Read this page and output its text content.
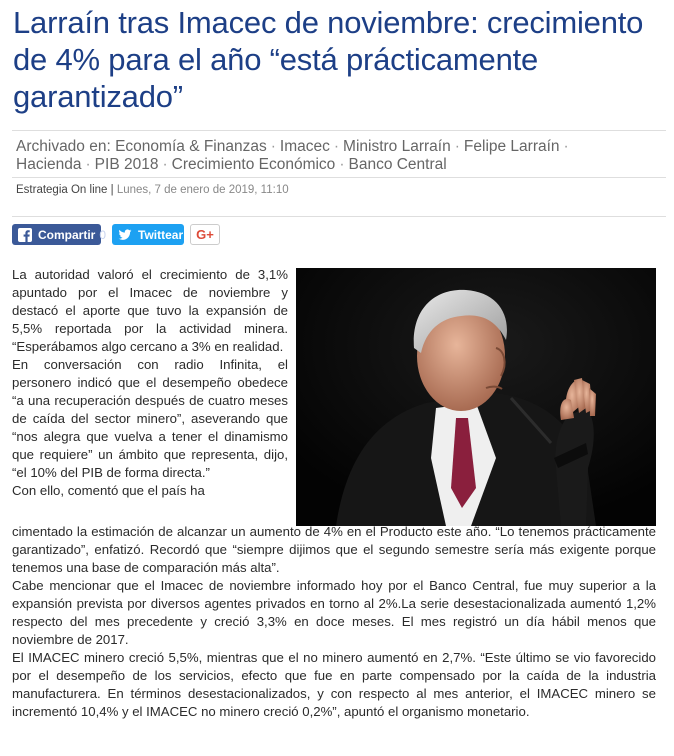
Larraín tras Imacec de noviembre: crecimiento de 4% para el año “está prácticamente garantizado”
Archivado en: Economía & Finanzas · Imacec · Ministro Larraín · Felipe Larraín ·
Hacienda · PIB 2018 · Crecimiento Económico · Banco Central
Estrategia On line | Lunes, 7 de enero de 2019, 11:10
Compartir 0	Twittear G+

La autoridad valoró el crecimiento de 3,1% apuntado por el Imacec de noviembre y destacó el aporte que tuvo la expansión de 5,5% reportada por la actividad minera. “Esperábamos algo cercano a 3% en realidad.

En conversación con radio Infinita, el personero indicó que el desempeño obedece “a una recuperación después de cuatro meses de caída del sector minero”, aseverando que “nos alegra que vuelva a tener el dinamismo que requiere” un ámbito que representa, dijo, “el 10% del PIB de forma directa.”

Con ello, comentó que el país ha

cimentado la estimación de alcanzar un aumento de 4% en el Producto este año. “Lo tenemos prácticamente garantizado”, enfatizó. Recordó que “siempre dijimos que el segundo semestre sería más exigente porque tenemos una base de comparación más alta”.

Cabe mencionar que el Imacec de noviembre informado hoy por el Banco Central, fue muy superior a la expansión prevista por diversos agentes privados en torno al 2%.La serie desestacionalizada aumentó 1,2% respecto del mes precedente y creció 3,3% en doce meses. El mes registró un día hábil menos que noviembre de 2017.

El IMACEC minero creció 5,5%, mientras que el no minero aumentó en 2,7%. “Este último se vio favorecido por el desempeño de los servicios, efecto que fue en parte compensado por la caída de la industria manufacturera. En términos desestacionalizados, y con respecto al mes anterior, el IMACEC minero se incrementó 10,4% y el IMACEC no minero creció 0,2%”, apuntó el organismo monetario.
